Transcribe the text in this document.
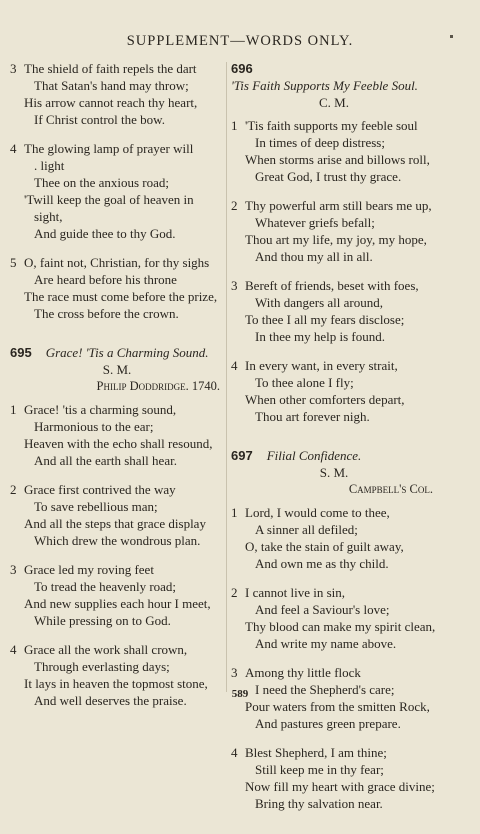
SUPPLEMENT—WORDS ONLY.
3 The shield of faith repels the dart
That Satan's hand may throw;
His arrow cannot reach thy heart,
If Christ control the bow.
4 The glowing lamp of prayer will
. light
Thee on the anxious road;
'Twill keep the goal of heaven in
sight,
And guide thee to thy God.
5 O, faint not, Christian, for thy sighs
Are heard before his throne
The race must come before the prize,
The cross before the crown.
695 Grace! 'Tis a Charming Sound.
S. M.
Philip Doddridge. 1740.
1 Grace! 'tis a charming sound,
Harmonious to the ear;
Heaven with the echo shall resound,
And all the earth shall hear.
2 Grace first contrived the way
To save rebellious man;
And all the steps that grace display
Which drew the wondrous plan.
3 Grace led my roving feet
To tread the heavenly road;
And new supplies each hour I meet,
While pressing on to God.
4 Grace all the work shall crown,
Through everlasting days;
It lays in heaven the topmost stone,
And well deserves the praise.
696
'Tis Faith Supports My Feeble Soul.
C. M.
1 'Tis faith supports my feeble soul
In times of deep distress;
When storms arise and billows roll,
Great God, I trust thy grace.
2 Thy powerful arm still bears me up,
Whatever griefs befall;
Thou art my life, my joy, my hope,
And thou my all in all.
3 Bereft of friends, beset with foes,
With dangers all around,
To thee I all my fears disclose;
In thee my help is found.
4 In every want, in every strait,
To thee alone I fly;
When other comforters depart,
Thou art forever nigh.
697 Filial Confidence.
S. M.
Campbell's Col.
1 Lord, I would come to thee,
A sinner all defiled;
O, take the stain of guilt away,
And own me as thy child.
2 I cannot live in sin,
And feel a Saviour's love;
Thy blood can make my spirit clean,
And write my name above.
3 Among thy little flock
I need the Shepherd's care;
Pour waters from the smitten Rock,
And pastures green prepare.
4 Blest Shepherd, I am thine;
Still keep me in thy fear;
Now fill my heart with grace divine;
Bring thy salvation near.
589
